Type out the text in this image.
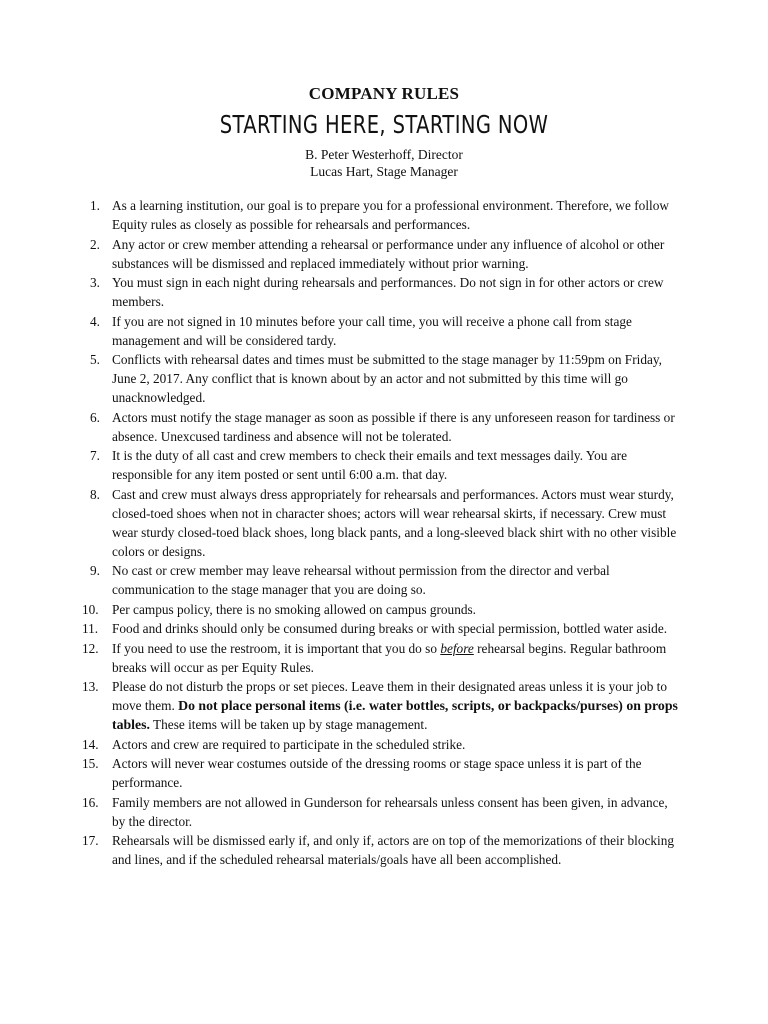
COMPANY RULES
STARTING HERE, STARTING NOW
B. Peter Westerhoff, Director
Lucas Hart, Stage Manager
1. As a learning institution, our goal is to prepare you for a professional environment. Therefore, we follow Equity rules as closely as possible for rehearsals and performances.
2. Any actor or crew member attending a rehearsal or performance under any influence of alcohol or other substances will be dismissed and replaced immediately without prior warning.
3. You must sign in each night during rehearsals and performances. Do not sign in for other actors or crew members.
4. If you are not signed in 10 minutes before your call time, you will receive a phone call from stage management and will be considered tardy.
5. Conflicts with rehearsal dates and times must be submitted to the stage manager by 11:59pm on Friday, June 2, 2017. Any conflict that is known about by an actor and not submitted by this time will go unacknowledged.
6. Actors must notify the stage manager as soon as possible if there is any unforeseen reason for tardiness or absence. Unexcused tardiness and absence will not be tolerated.
7. It is the duty of all cast and crew members to check their emails and text messages daily. You are responsible for any item posted or sent until 6:00 a.m. that day.
8. Cast and crew must always dress appropriately for rehearsals and performances. Actors must wear sturdy, closed-toed shoes when not in character shoes; actors will wear rehearsal skirts, if necessary. Crew must wear sturdy closed-toed black shoes, long black pants, and a long-sleeved black shirt with no other visible colors or designs.
9. No cast or crew member may leave rehearsal without permission from the director and verbal communication to the stage manager that you are doing so.
10.	Per campus policy, there is no smoking allowed on campus grounds.
11.	Food and drinks should only be consumed during breaks or with special permission, bottled water aside.
12.	If you need to use the restroom, it is important that you do so before rehearsal begins. Regular bathroom breaks will occur as per Equity Rules.
13.	Please do not disturb the props or set pieces. Leave them in their designated areas unless it is your job to move them. Do not place personal items (i.e. water bottles, scripts, or backpacks/purses) on props tables. These items will be taken up by stage management.
14.	Actors and crew are required to participate in the scheduled strike.
15.	Actors will never wear costumes outside of the dressing rooms or stage space unless it is part of the performance.
16.	Family members are not allowed in Gunderson for rehearsals unless consent has been given, in advance, by the director.
17.	Rehearsals will be dismissed early if, and only if, actors are on top of the memorizations of their blocking and lines, and if the scheduled rehearsal materials/goals have all been accomplished.
